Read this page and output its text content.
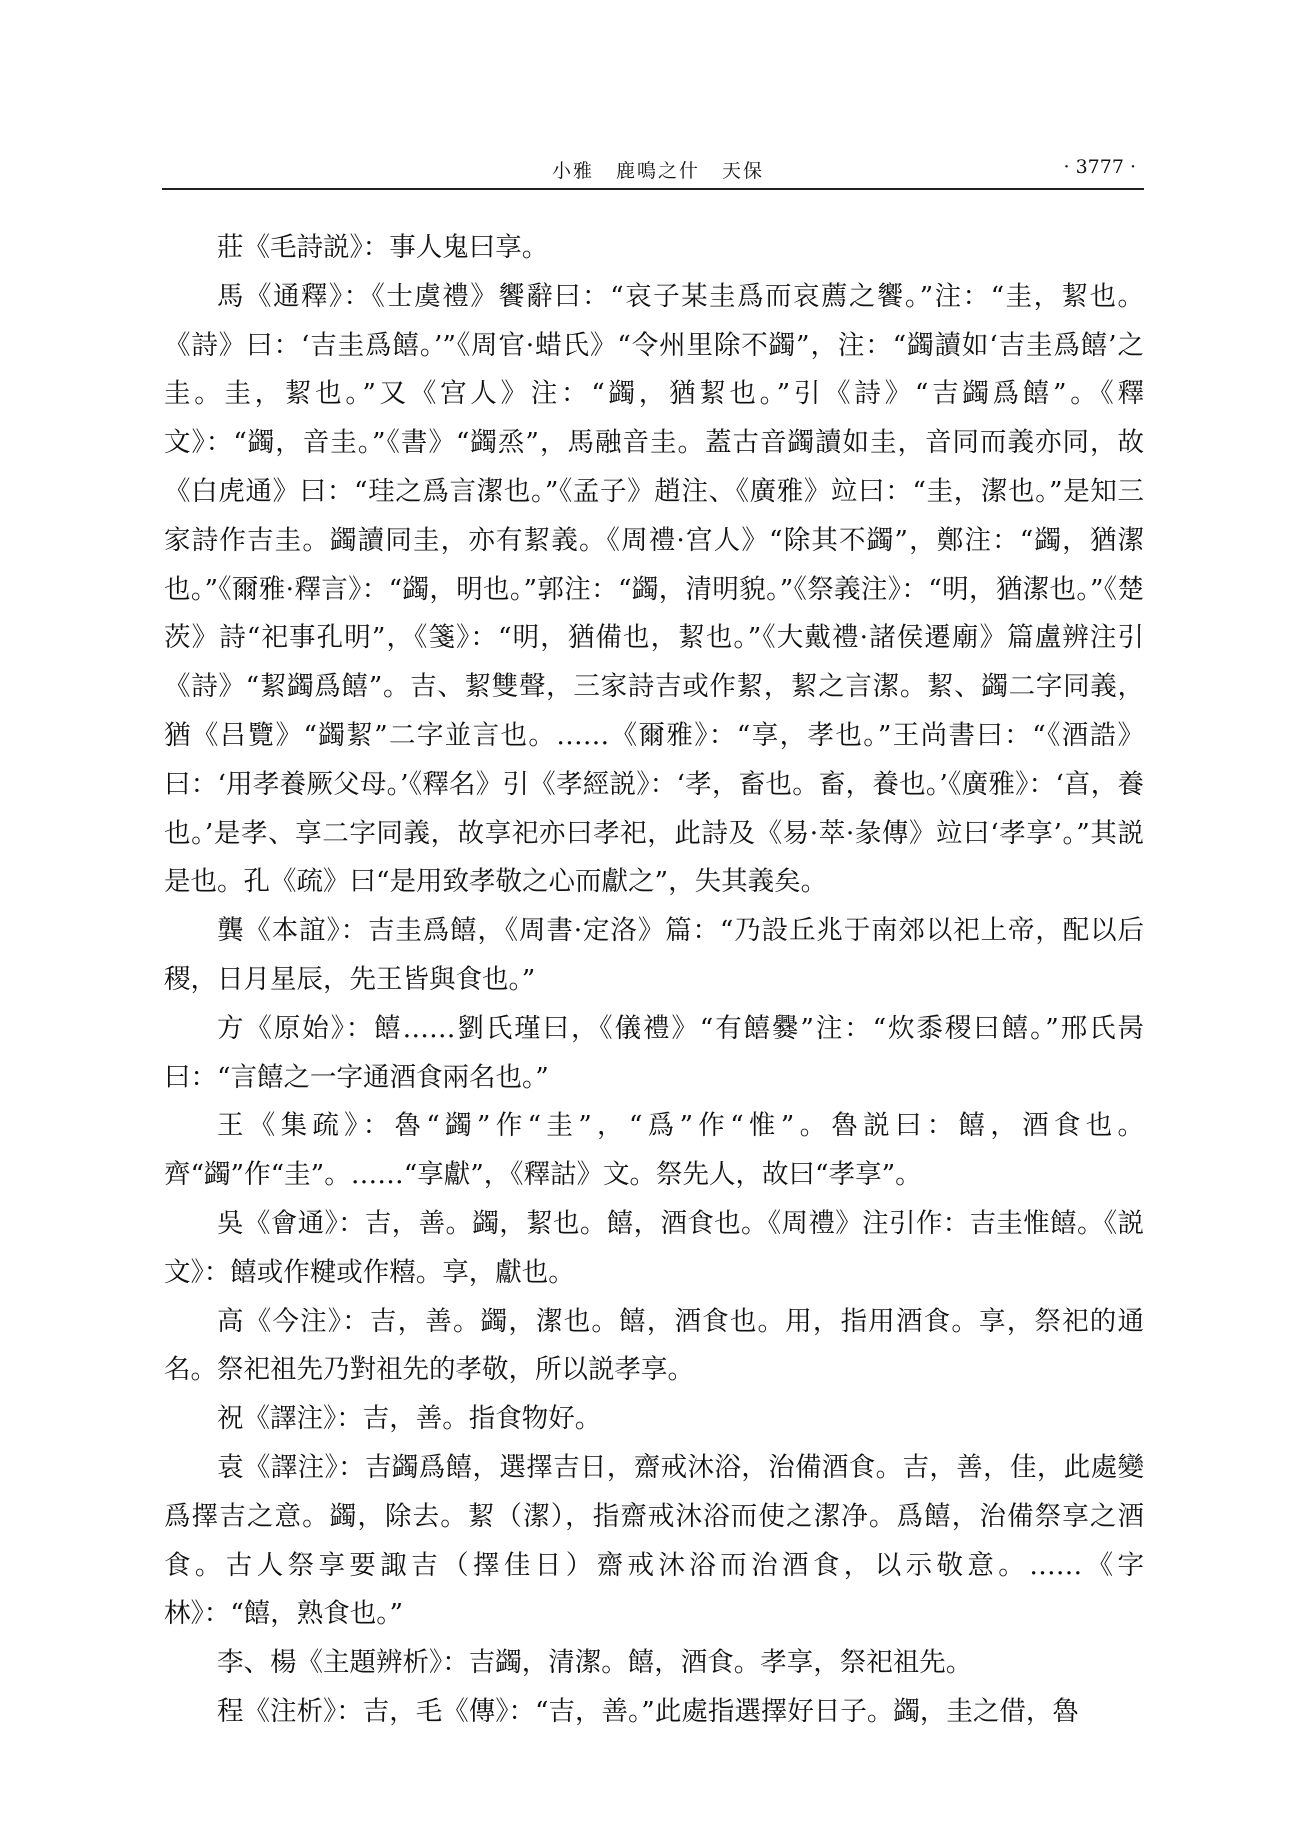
小雅 鹿鳴之什 天保	· 3777 ·

莊《毛詩説》：事人鬼曰享。

馬《通釋》：《士虞禮》饗辭曰：“哀子某圭爲而哀薦之饗。”注：“圭，絜也。《詩》曰：‘吉圭爲饎。’”《周官·蜡氏》“令州里除不蠲”，注：“蠲讀如‘吉圭爲饎’之圭。圭，絜也。”又《宫人》注：“蠲，猶絜也。”引《詩》“吉蠲爲饎”。《釋文》：“蠲，音圭。”《書》“蠲烝”，馬融音圭。蓋古音蠲讀如圭，音同而義亦同，故《白虎通》曰：“珪之爲言潔也。”《孟子》趙注、《廣雅》竝曰：“圭，潔也。”是知三家詩作吉圭。蠲讀同圭，亦有絜義。《周禮·宫人》“除其不蠲”，鄭注：“蠲，猶潔也。”《爾雅·釋言》：“蠲，明也。”郭注：“蠲，清明貌。”《祭義注》：“明，猶潔也。”《楚茨》詩“祀事孔明”，《箋》：“明，猶備也，絜也。”《大戴禮·諸侯遷廟》篇盧辨注引《詩》“絜蠲爲饎”。吉、絜雙聲，三家詩吉或作絜，絜之言潔。絜、蠲二字同義，猶《吕覽》“蠲絜”二字並言也。……《爾雅》：“享，孝也。”王尚書曰：“《酒誥》曰：‘用孝養厥父母。’《釋名》引《孝經説》：‘孝，畜也。畜，養也。’《廣雅》：‘亯，養也。’是孝、享二字同義，故享祀亦曰孝祀，此詩及《易·萃·彖傳》竝曰‘孝享’。”其説是也。孔《疏》曰“是用致孝敬之心而獻之”，失其義矣。

龔《本誼》：吉圭爲饎，《周書·定洛》篇：“乃設丘兆于南郊以祀上帝，配以后稷，日月星辰，先王皆與食也。”

方《原始》：饎……劉氏瑾曰，《儀禮》“有饎爨”注：“炊黍稷曰饎。”邢氏昺曰：“言饎之一字通酒食兩名也。”

王《集疏》：魯“蠲”作“圭”，“爲”作“惟”。魯説曰：饎，酒食也。齊“蠲”作“圭”。……“享獻”，《釋詁》文。祭先人，故曰“孝享”。

吳《會通》：吉，善。蠲，絜也。饎，酒食也。《周禮》注引作：吉圭惟饎。《説文》：饎或作䊕或作糦。享，獻也。

高《今注》：吉，善。蠲，潔也。饎，酒食也。用，指用酒食。享，祭祀的通名。祭祀祖先乃對祖先的孝敬，所以説孝享。

祝《譯注》：吉，善。指食物好。

袁《譯注》：吉蠲爲饎，選擇吉日，齋戒沐浴，治備酒食。吉，善，佳，此處變爲擇吉之意。蠲，除去。絜（潔），指齋戒沐浴而使之潔净。爲饎，治備祭享之酒食。古人祭享要諏吉（擇佳日）齋戒沐浴而治酒食，以示敬意。……《字林》：“饎，熟食也。”

李、楊《主題辨析》：吉蠲，清潔。饎，酒食。孝享，祭祀祖先。

程《注析》：吉，毛《傳》：“吉，善。”此處指選擇好日子。蠲，圭之借，魯
